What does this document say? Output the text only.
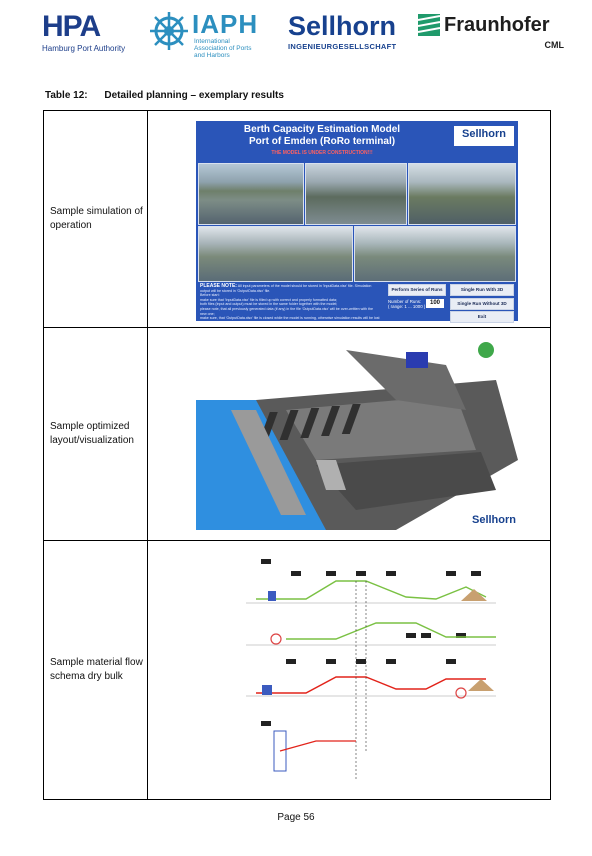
HPA
Hamburg Port Authority
IAPH
International Association of Ports and Harbors
Sellhorn
INGENIEURGESELLSCHAFT
Fraunhofer
CML
Table 12: Detailed planning – exemplary results
Sample simulation of operation
Berth Capacity Estimation Model
Port of Emden (RoRo terminal)
THE MODEL IS UNDER CONSTRUCTION!!!
Sellhorn
PLEASE NOTE: All input parameters of the model should be stored in 'InputData.xlsx' file. Simulation output will be stored in 'OutputData.xlsx' file.
Before start:
make sure that 'InputData.xlsx' file is filled up with correct and properly formatted data;
both files (input and output) must be stored in the same folder together with the model;
please note, that all previously generated data (if any) in the file 'OutputData.xlsx' will be over-written with the new one;
make sure, that 'OutputData.xlsx' file is closed while the model is running, otherwise simulation results will be lost
Perform Series of Runs
Number of Runs:
( range: 1 ... 1000 )
100
Single Run With 3D
Single Run Without 3D
Exit
Sample optimized layout/visualization
Sellhorn
Sample material flow schema dry bulk
Page 56
